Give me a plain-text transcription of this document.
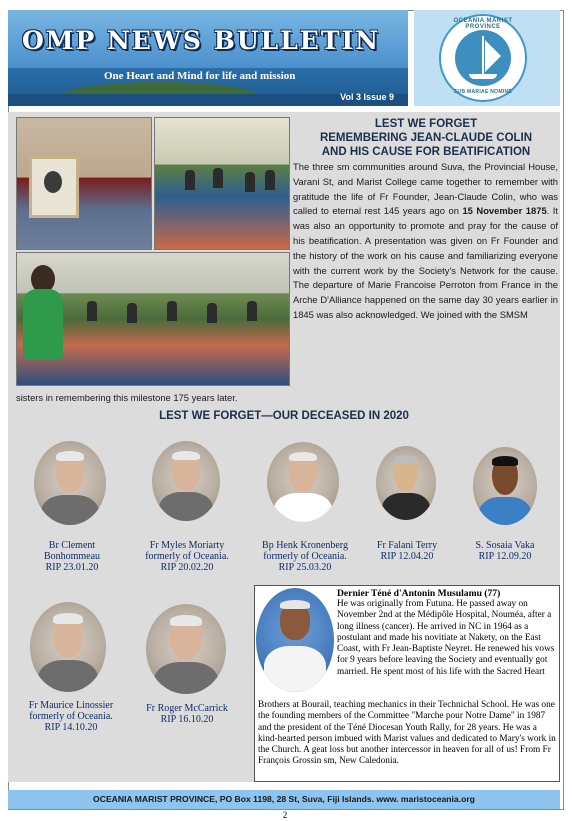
OMP NEWS BULLETIN
One Heart and Mind for life and mission
Vol 3 Issue 9
OCEANIA MARIST PROVINCE
SUB MARIAE NOMINE
LEST WE FORGET
REMEMBERING JEAN-CLAUDE COLIN
AND HIS CAUSE FOR BEATIFICATION

The three sm communities around Suva, the Provincial House, Varani St, and Marist College came together to remember with gratitude the life of Fr Founder, Jean-Claude Colin, who was called to eternal rest 145 years ago on 15 November 1875. It was also an opportunity to promote and pray for the cause of his beatification. A presentation was given on Fr Founder and the history of the work on his cause and familiarizing everyone with the current work by the Society's Network for the cause. The departure of Marie Francoise Perroton from France in the Arche D'Alliance happened on the same day 30 years earlier in 1845 was also acknowledged. We joined with the SMSM

sisters in remembering this milestone 175 years later.

LEST WE FORGET—OUR DECEASED IN 2020
Br Clement
Bonhommeau
RIP 23.01.20
Fr Myles Moriarty
formerly of Oceania.
RIP 20.02.20
Bp Henk Kronenberg
formerly of Oceania.
RIP 25.03.20
Fr Falani Terry
RIP 12.04.20
S. Sosaia Vaka
RIP 12.09.20
Fr Maurice Linossier
formerly of Oceania.
RIP 14.10.20
Fr Roger McCarrick
RIP 16.10.20
Dernier Téné d'Antonin Musulamu (77)

He was originally from Futuna. He passed away on November 2nd at the Médipôle Hospital, Nouméa, after a long illness (cancer). He arrived in NC in 1964 as a postulant and made his novitiate at Nakety, on the East Coast, with Fr Jean-Baptiste Neyret. He renewed his vows for 9 years before leaving the Society and eventually got married. He spent most of his life with the Sacred Heart

Brothers at Bourail, teaching mechanics in their Technichal School. He was one the founding members of the Committee "Marche pour Notre Dame" in 1987 and the president of the Téné Diocesan Youth Rally, for 28 years. He was a kind-hearted person imbued with Marist values and dedicated to Mary's work in the Church. A geat loss but another intercessor in heaven for all of us! From Fr François Grossin sm, New Caledonia.

OCEANIA MARIST PROVINCE, PO Box 1198, 28 St, Suva, Fiji Islands. www. maristoceania.org
2
